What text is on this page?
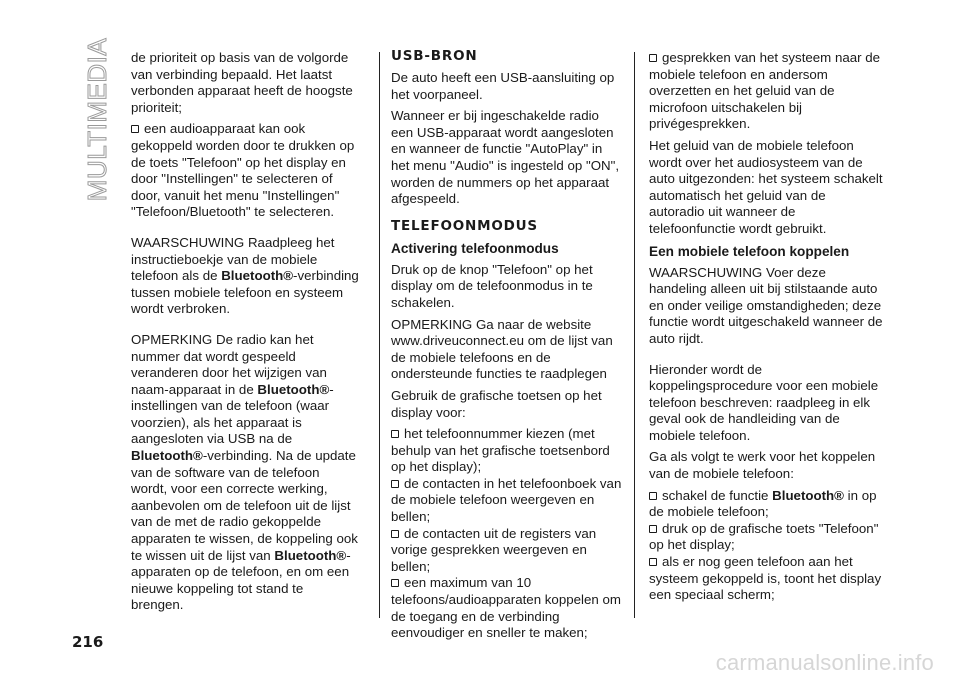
MULTIMEDIA de prioriteit op basis van de volgorde van verbinding bepaald. Het laatst verbonden apparaat heeft de hoogste prioriteit;

een audioapparaat kan ook gekoppeld worden door te drukken op de toets "Telefoon" op het display en door "Instellingen" te selecteren of door, vanuit het menu "Instellingen" "Telefoon/Bluetooth" te selecteren.

WAARSCHUWING Raadpleeg het instructieboekje van de mobiele telefoon als de Bluetooth®-verbinding tussen mobiele telefoon en systeem wordt verbroken.

OPMERKING De radio kan het nummer dat wordt gespeeld veranderen door het wijzigen van naam-apparaat in de Bluetooth®-instellingen van de telefoon (waar voorzien), als het apparaat is aangesloten via USB na de Bluetooth®-verbinding. Na de update van de software van de telefoon wordt, voor een correcte werking, aanbevolen om de telefoon uit de lijst van de met de radio gekoppelde apparaten te wissen, de koppeling ook te wissen uit de lijst van Bluetooth®-apparaten op de telefoon, en om een nieuwe koppeling tot stand te brengen.

USB-BRON

De auto heeft een USB-aansluiting op het voorpaneel.

Wanneer er bij ingeschakelde radio een USB-apparaat wordt aangesloten en wanneer de functie "AutoPlay" in het menu "Audio" is ingesteld op "ON", worden de nummers op het apparaat afgespeeld.

TELEFOONMODUS

Activering telefoonmodus

Druk op de knop "Telefoon" op het display om de telefoonmodus in te schakelen.

OPMERKING Ga naar de website www.driveuconnect.eu om de lijst van de mobiele telefoons en de ondersteunde functies te raadplegen

Gebruik de grafische toetsen op het display voor:

het telefoonnummer kiezen (met behulp van het grafische toetsenbord op het display);

de contacten in het telefoonboek van de mobiele telefoon weergeven en bellen;

de contacten uit de registers van vorige gesprekken weergeven en bellen;

een maximum van 10 telefoons/audioapparaten koppelen om de toegang en de verbinding eenvoudiger en sneller te maken;

gesprekken van het systeem naar de mobiele telefoon en andersom overzetten en het geluid van de microfoon uitschakelen bij privégesprekken.

Het geluid van de mobiele telefoon wordt over het audiosysteem van de auto uitgezonden: het systeem schakelt automatisch het geluid van de autoradio uit wanneer de telefoonfunctie wordt gebruikt.

Een mobiele telefoon koppelen

WAARSCHUWING Voer deze handeling alleen uit bij stilstaande auto en onder veilige omstandigheden; deze functie wordt uitgeschakeld wanneer de auto rijdt.

Hieronder wordt de koppelingsprocedure voor een mobiele telefoon beschreven: raadpleeg in elk geval ook de handleiding van de mobiele telefoon.

Ga als volgt te werk voor het koppelen van de mobiele telefoon:

schakel de functie Bluetooth® in op de mobiele telefoon;

druk op de grafische toets "Telefoon" op het display;

als er nog geen telefoon aan het systeem gekoppeld is, toont het display een speciaal scherm;

216
carmanualsonline.info
